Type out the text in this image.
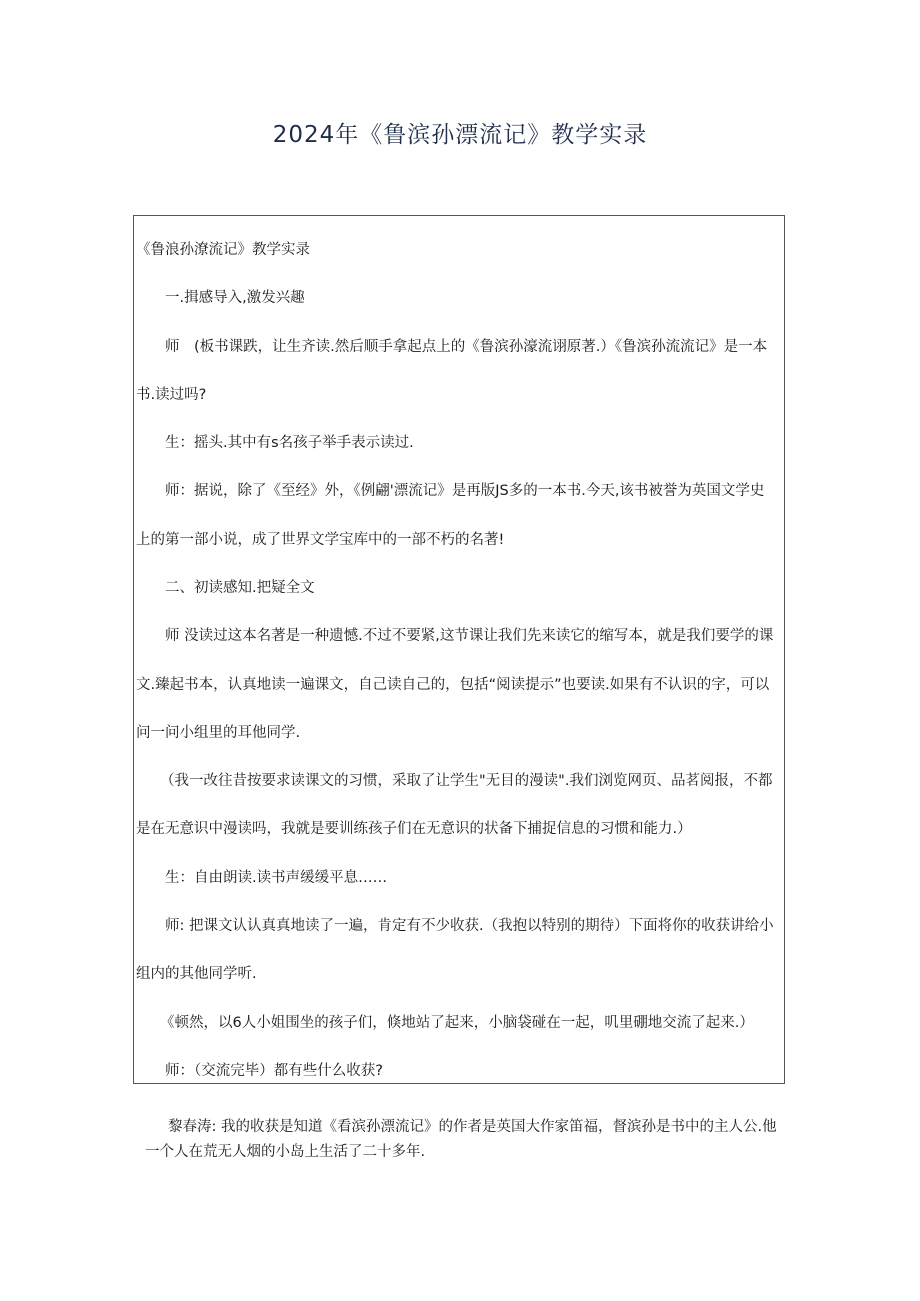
2024年《鲁滨孙漂流记》教学实录
《鲁浪孙潦流记》教学实录
一.揖感导入,激发兴趣
师　(板书课跌，让生齐读.然后顺手拿起点上的《鲁滨孙濠流诩原著.）《鲁滨孙流流记》是一本
书.读过吗?
生：摇头.其中有s名孩子举手表示读过.
师：据说，除了《至经》外，《例翩'漂流记》是再版JS多的一本书.今天,该书被誉为英国文学史
上的第一部小说，成了世界文学宝库中的一部不朽的名著!
二、初读感知.把疑全文
师 没读过这本名著是一种遗憾.不过不要紧,这节课让我们先来读它的缩写本，就是我们要学的课
文.臻起书本，认真地读一遍课文，自己读自己的，包括“阅读提示”也要读.如果有不认识的字，可以
问一问小组里的耳他同学.
（我一改往昔按要求读课文的习惯，采取了让学生"无目的漫读".我们浏览网页、品茗阅报，不都
是在无意识中漫读吗，我就是要训练孩子们在无意识的状备下捕捉信息的习惯和能力.）
生：自由朗读.读书声缓缓平息……
师: 把课文认认真真地读了一遍，肯定有不少收获.（我抱以特别的期待）下面将你的收获讲给小
组内的其他同学听.
《顿然，以6人小姐围坐的孩子们，倏地站了起来，小脑袋碰在一起，叽里硼地交流了起来.）
师：（交流完毕）都有些什么收获?
黎春涛: 我的收获是知道《看滨孙漂流记》的作者是英国大作家笛福，督滨孙是书中的主人公.他
一个人在荒无人烟的小岛上生活了二十多年.
